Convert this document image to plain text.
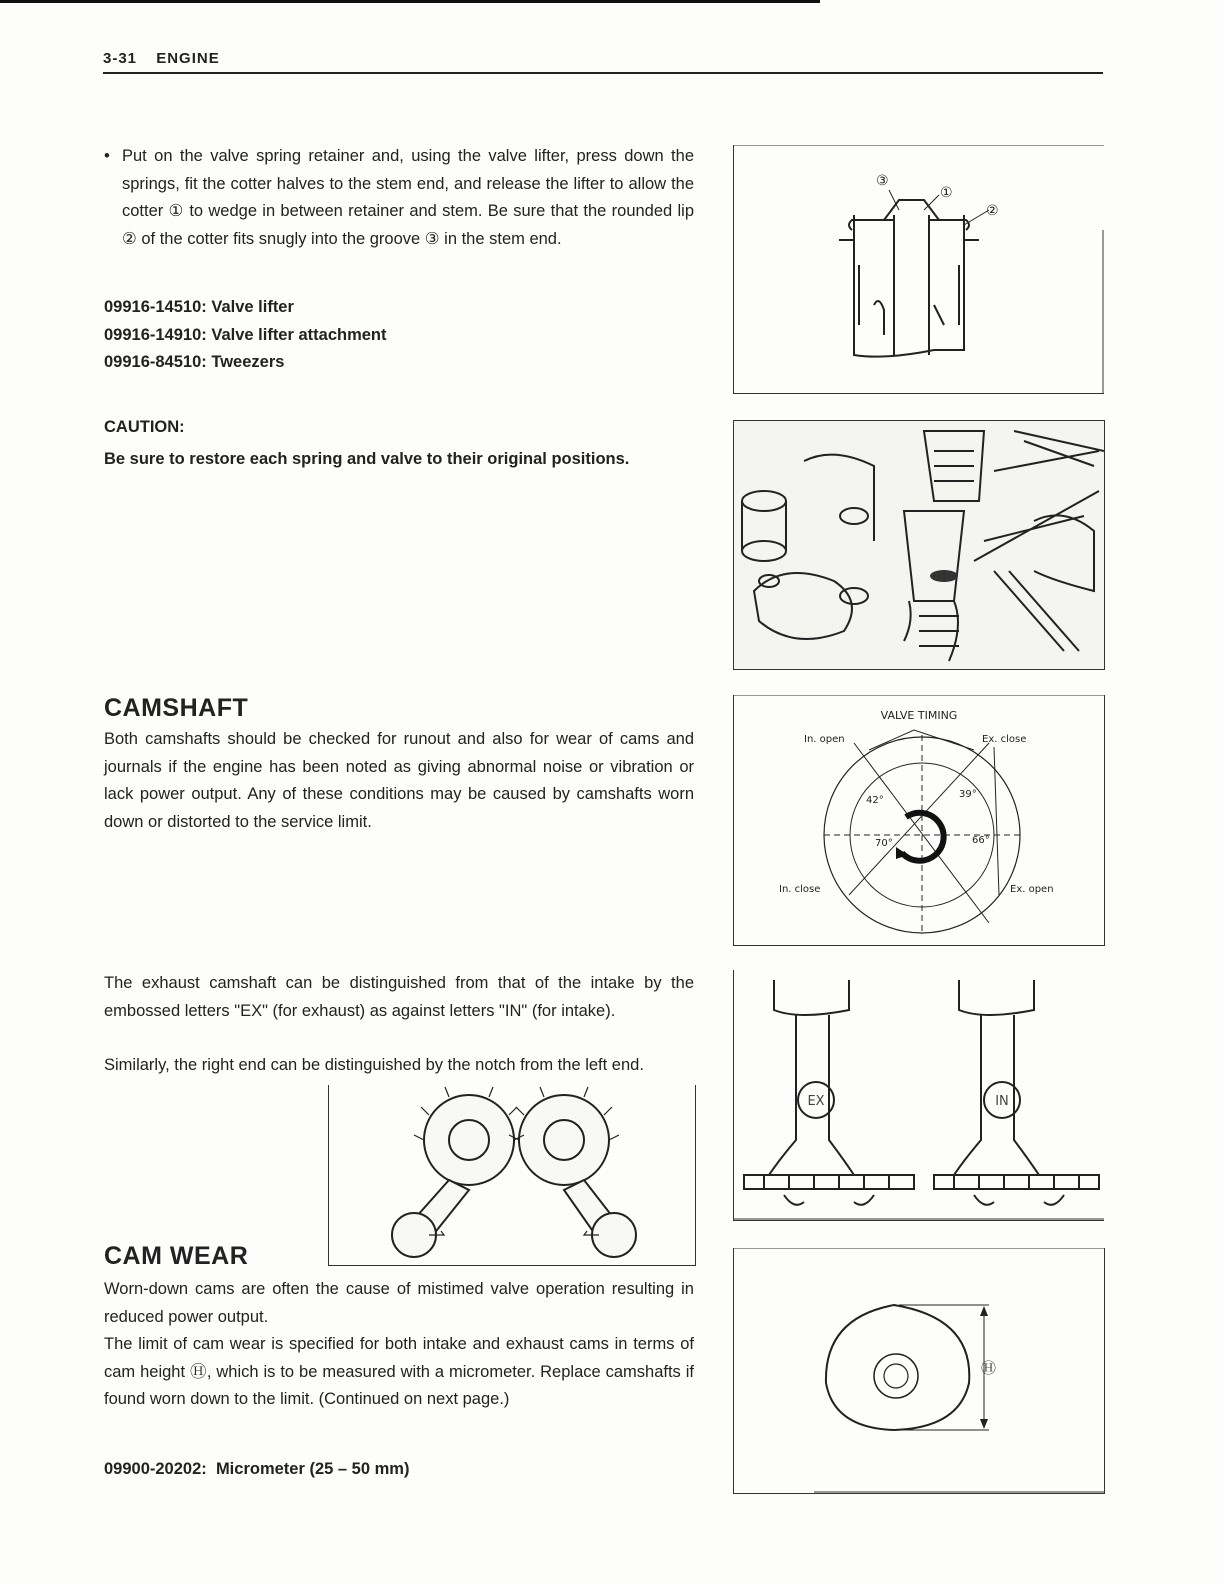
3-31 ENGINE
• Put on the valve spring retainer and, using the valve lifter, press down the springs, fit the cotter halves to the stem end, and release the lifter to allow the cotter ① to wedge in between retainer and stem. Be sure that the rounded lip ② of the cotter fits snugly into the groove ③ in the stem end.
09916-14510: Valve lifter
09916-14910: Valve lifter attachment
09916-84510: Tweezers
CAUTION:
Be sure to restore each spring and valve to their original positions.
CAMSHAFT
Both camshafts should be checked for runout and also for wear of cams and journals if the engine has been noted as giving abnormal noise or vibration or lack power output. Any of these conditions may be caused by camshafts worn down or distorted to the service limit.
The exhaust camshaft can be distinguished from that of the intake by the embossed letters "EX" (for exhaust) as against letters "IN" (for intake).
Similarly, the right end can be distinguished by the notch from the left end.
CAM WEAR
Worn-down cams are often the cause of mistimed valve operation resulting in reduced power output.
The limit of cam wear is specified for both intake and exhaust cams in terms of cam height Ⓗ, which is to be measured with a micrometer. Replace camshafts if found worn down to the limit. (Continued on next page.)
09900-20202: Micrometer (25 – 50 mm)
③
①
②
VALVE TIMING
In. open	Ex. close
In. close	Ex. open
42°
39°
70°	66°
EX	IN
Ⓗ
